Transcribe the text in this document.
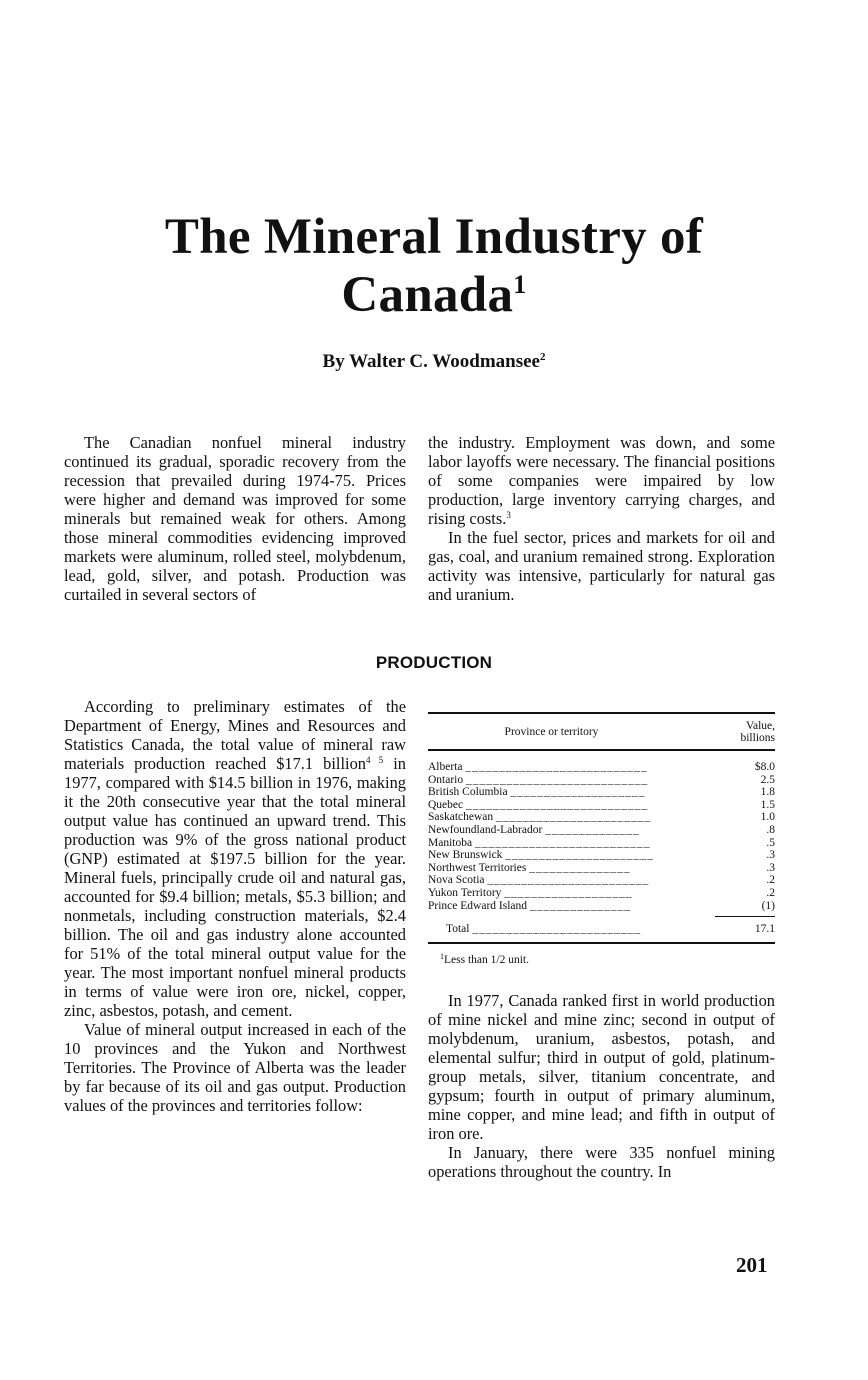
The Mineral Industry of
Canada$^1$
By Walter C. Woodmansee$^2$

The Canadian nonfuel mineral industry continued its gradual, sporadic recovery from the recession that prevailed during 1974-75. Prices were higher and demand was improved for some minerals but remained weak for others. Among those mineral commodities evidencing improved markets were aluminum, rolled steel, molybdenum, lead, gold, silver, and potash. Production was curtailed in several sectors of

the industry. Employment was down, and some labor layoffs were necessary. The financial positions of some companies were impaired by low production, large inventory carrying charges, and rising costs.$^3$

In the fuel sector, prices and markets for oil and gas, coal, and uranium remained strong. Exploration activity was intensive, particularly for natural gas and uranium.

PRODUCTION

According to preliminary estimates of the Department of Energy, Mines and Resources and Statistics Canada, the total value of mineral raw materials production reached $17.1 billion$^{4 5}$ in 1977, compared with $14.5 billion in 1976, making it the 20th consecutive year that the total mineral output value has continued an upward trend. This production was 9% of the gross national product (GNP) estimated at $197.5 billion for the year. Mineral fuels, principally crude oil and natural gas, accounted for $9.4 billion; metals, $5.3 billion; and nonmetals, including construction materials, $2.4 billion. The oil and gas industry alone accounted for 51% of the total mineral output value for the year. The most important nonfuel mineral products in terms of value were iron ore, nickel, copper, zinc, asbestos, potash, and cement.

Value of mineral output increased in each of the 10 provinces and the Yukon and Northwest Territories. The Province of Alberta was the leader by far because of its oil and gas output. Production values of the provinces and territories follow:

Province or territory	Value,
billions

Alberta ___________________________	$8.0
Ontario ___________________________	2.5
British Columbia ____________________	1.8
Quebec ___________________________	1.5
Saskatchewan _______________________	1.0
Newfoundland-Labrador ______________	.8
Manitoba __________________________	.5
New Brunswick ______________________	.3
Northwest Territories _______________	.3
Nova Scotia ________________________	.2
Yukon Territory ___________________	.2
Prince Edward Island _______________	(1)
Total _________________________	17.1
$^1$Less than 1/2 unit.

In 1977, Canada ranked first in world production of mine nickel and mine zinc; second in output of molybdenum, uranium, asbestos, potash, and elemental sulfur; third in output of gold, platinum-group metals, silver, titanium concentrate, and gypsum; fourth in output of primary aluminum, mine copper, and mine lead; and fifth in output of iron ore.

In January, there were 335 nonfuel mining operations throughout the country. In

201
